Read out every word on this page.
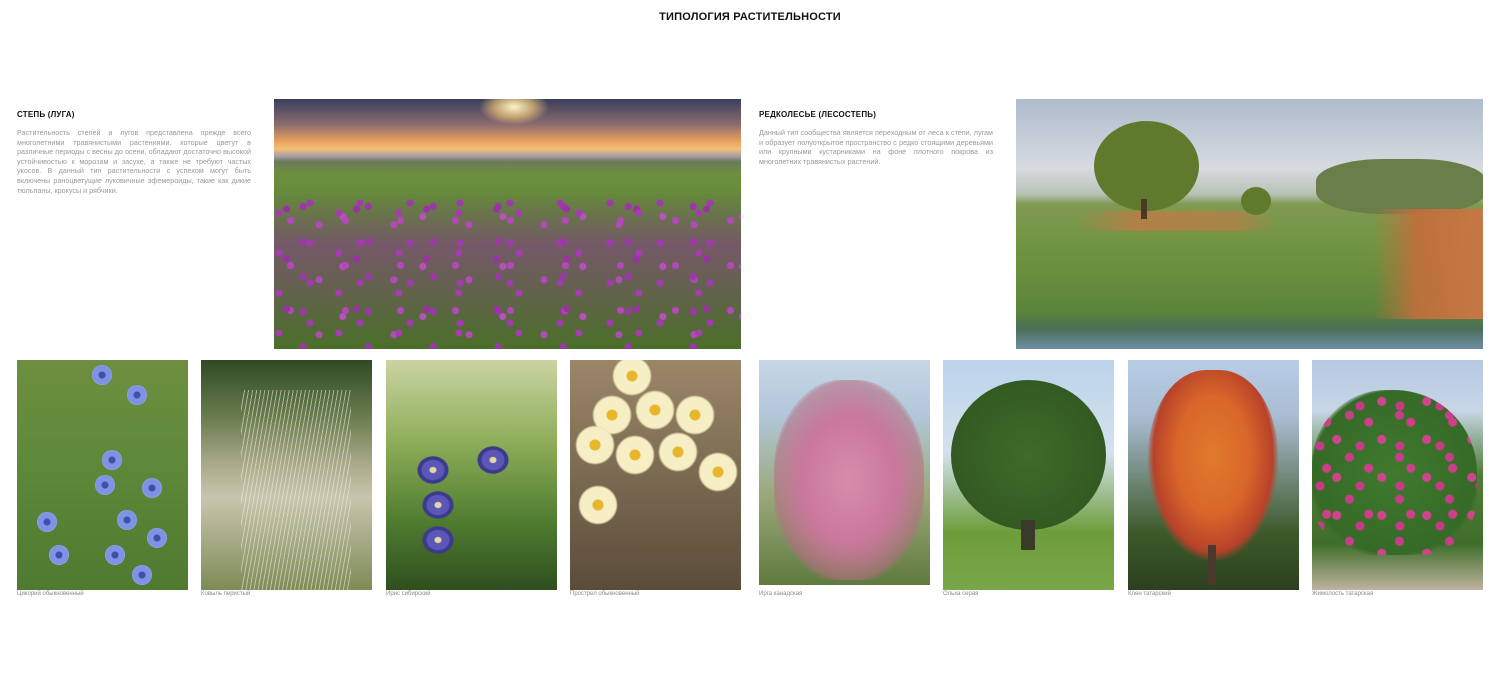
ТИПОЛОГИЯ РАСТИТЕЛЬНОСТИ
СТЕПЬ (ЛУГА)
Растительность степей и лугов представлена прежде всего многолетними травянистыми растениями, которые цветут в различные периоды с весны до осени, обладают достаточно высокой устойчивостью к морозам и засухе, а также не требуют частых укосов. В данный тип растительности с успехом могут быть включены раноцветущие луковичные эфемероиды, такие как дикие тюльпаны, крокусы и рябчики.
РЕДКОЛЕСЬЕ (ЛЕСОСТЕПЬ)
Данный тип сообщества является переходным от леса к степи, лугам и образует полуоткрытое пространство с редко стоящими деревьями или крупными кустарниками на фоне плотного покрова из многолетних травянистых растений.
Цикорий обыкновенный	Ковыль перистый	Ирис сибирский	Прострел обыкновенный	Ирга канадская	Ольха серая	Клен татарский	Жимолость татарская
